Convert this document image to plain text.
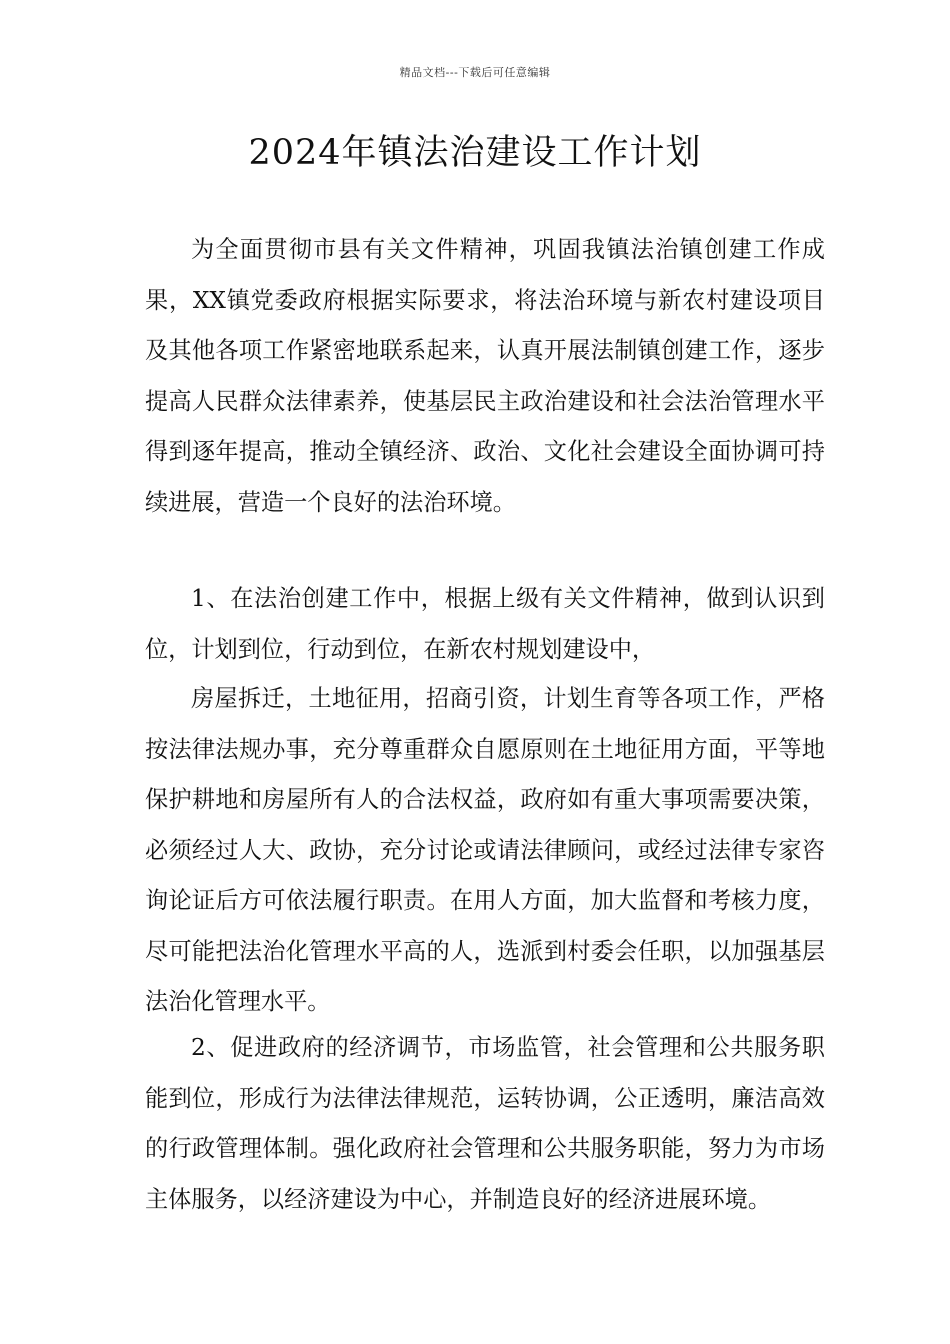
精品文档---下载后可任意编辑
2024年镇法治建设工作计划

为全面贯彻市县有关文件精神，巩固我镇法治镇创建工作成果，XX镇党委政府根据实际要求，将法治环境与新农村建设项目及其他各项工作紧密地联系起来，认真开展法制镇创建工作，逐步提高人民群众法律素养，使基层民主政治建设和社会法治管理水平得到逐年提高，推动全镇经济、政治、文化社会建设全面协调可持续进展，营造一个良好的法治环境。

1、在法治创建工作中，根据上级有关文件精神，做到认识到位，计划到位，行动到位，在新农村规划建设中，

房屋拆迁，土地征用，招商引资，计划生育等各项工作，严格按法律法规办事，充分尊重群众自愿原则在土地征用方面，平等地保护耕地和房屋所有人的合法权益，政府如有重大事项需要决策，必须经过人大、政协，充分讨论或请法律顾问，或经过法律专家咨询论证后方可依法履行职责。在用人方面，加大监督和考核力度，尽可能把法治化管理水平高的人，选派到村委会任职，以加强基层法治化管理水平。

2、促进政府的经济调节，市场监管，社会管理和公共服务职能到位，形成行为法律法律规范，运转协调，公正透明，廉洁高效的行政管理体制。强化政府社会管理和公共服务职能，努力为市场主体服务，以经济建设为中心，并制造良好的经济进展环境。
